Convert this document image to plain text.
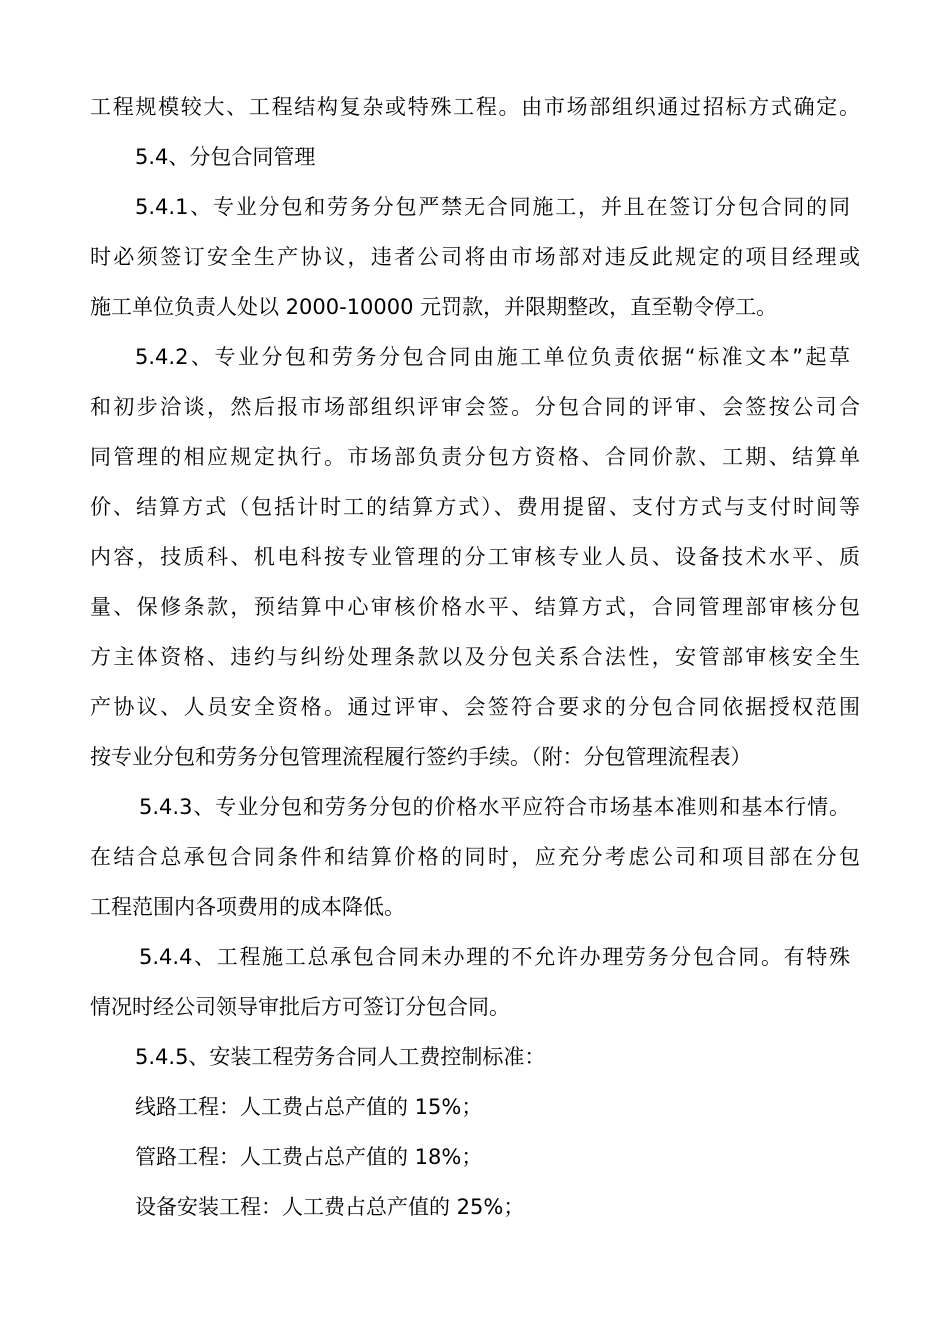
工程规模较大、工程结构复杂或特殊工程。由市场部组织通过招标方式确定。
5.4、分包合同管理
5.4.1、专业分包和劳务分包严禁无合同施工，并且在签订分包合同的同
时必须签订安全生产协议，违者公司将由市场部对违反此规定的项目经理或
施工单位负责人处以 2000-10000 元罚款，并限期整改，直至勒令停工。
5.4.2、专业分包和劳务分包合同由施工单位负责依据“标准文本”起草
和初步洽谈，然后报市场部组织评审会签。分包合同的评审、会签按公司合
同管理的相应规定执行。市场部负责分包方资格、合同价款、工期、结算单
价、结算方式（包括计时工的结算方式）、费用提留、支付方式与支付时间等
内容，技质科、机电科按专业管理的分工审核专业人员、设备技术水平、质
量、保修条款，预结算中心审核价格水平、结算方式，合同管理部审核分包
方主体资格、违约与纠纷处理条款以及分包关系合法性，安管部审核安全生
产协议、人员安全资格。通过评审、会签符合要求的分包合同依据授权范围
按专业分包和劳务分包管理流程履行签约手续。（附：分包管理流程表）
5.4.3、专业分包和劳务分包的价格水平应符合市场基本准则和基本行情。
在结合总承包合同条件和结算价格的同时，应充分考虑公司和项目部在分包
工程范围内各项费用的成本降低。
5.4.4、工程施工总承包合同未办理的不允许办理劳务分包合同。有特殊
情况时经公司领导审批后方可签订分包合同。
5.4.5、安装工程劳务合同人工费控制标准：
线路工程：人工费占总产值的 15%；
管路工程：人工费占总产值的 18%；
设备安装工程：人工费占总产值的 25%；
